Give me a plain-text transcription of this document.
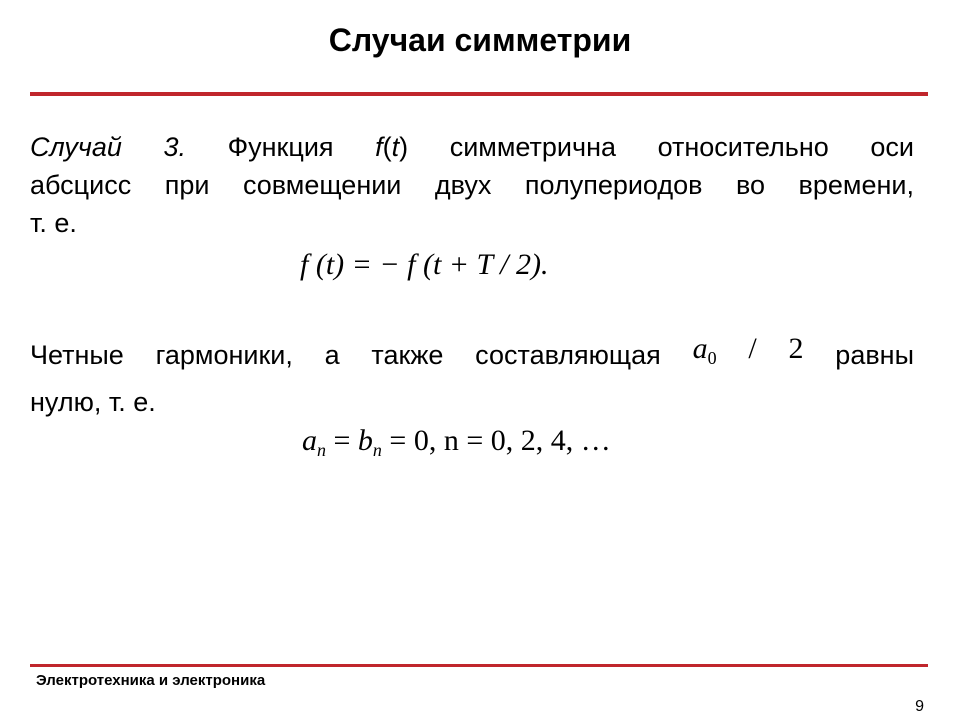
Случаи симметрии
Случай 3. Функция f(t) симметрична относительно оси
абсцисс при совмещении двух полупериодов во времени,
т. е.
f (t) = − f (t + T / 2).
Четные гармоники, а также составляющая $a_0 / 2$ равны
нулю, т. е.
$a_n = b_n = 0$, n = 0, 2, 4, …
Электротехника и электроника
9
